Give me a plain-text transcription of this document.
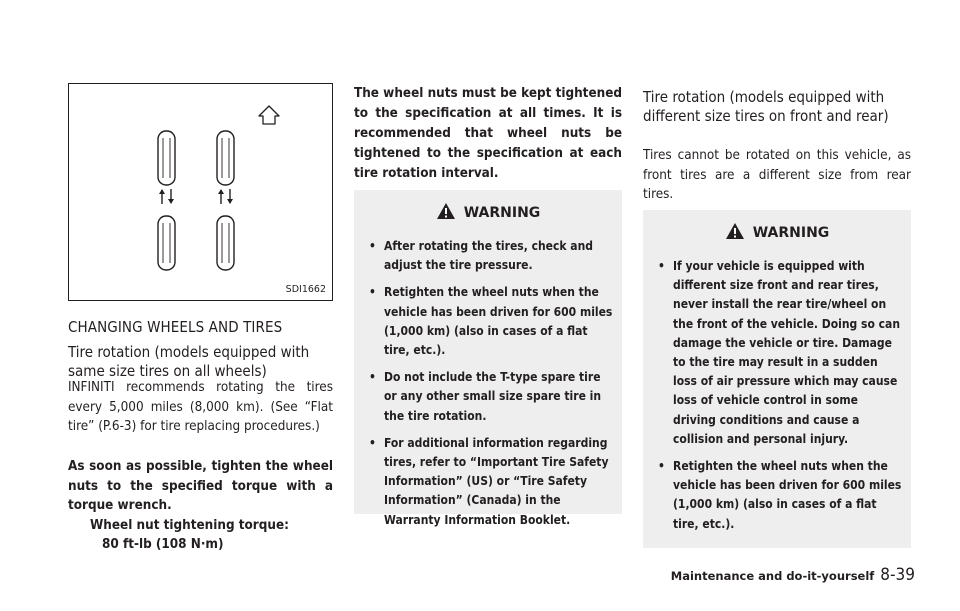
SDI1662
CHANGING WHEELS AND TIRES

Tire rotation (models equipped with same size tires on all wheels)

INFINITI recommends rotating the tires every 5,000 miles (8,000 km). (See “Flat tire” (P.6-3) for tire replacing procedures.)

As soon as possible, tighten the wheel nuts to the specified torque with a torque wrench.

Wheel nut tightening torque:

80 ft-lb (108 N·m)

The wheel nuts must be kept tightened to the specification at all times. It is recommended that wheel nuts be tightened to the specification at each tire rotation interval.

WARNING
• After rotating the tires, check and adjust the tire pressure.
• Retighten the wheel nuts when the vehicle has been driven for 600 miles (1,000 km) (also in cases of a flat tire, etc.).
• Do not include the T-type spare tire or any other small size spare tire in the tire rotation.
• For additional information regarding tires, refer to “Important Tire Safety Information” (US) or “Tire Safety Information” (Canada) in the Warranty Information Booklet.

Tire rotation (models equipped with different size tires on front and rear)

Tires cannot be rotated on this vehicle, as front tires are a different size from rear tires.

WARNING
• If your vehicle is equipped with different size front and rear tires, never install the rear tire/wheel on the front of the vehicle. Doing so can damage the vehicle or tire. Damage to the tire may result in a sudden loss of air pressure which may cause loss of vehicle control in some driving conditions and cause a collision and personal injury.
• Retighten the wheel nuts when the vehicle has been driven for 600 miles (1,000 km) (also in cases of a flat tire, etc.).
Maintenance and do-it-yourself 8-39
